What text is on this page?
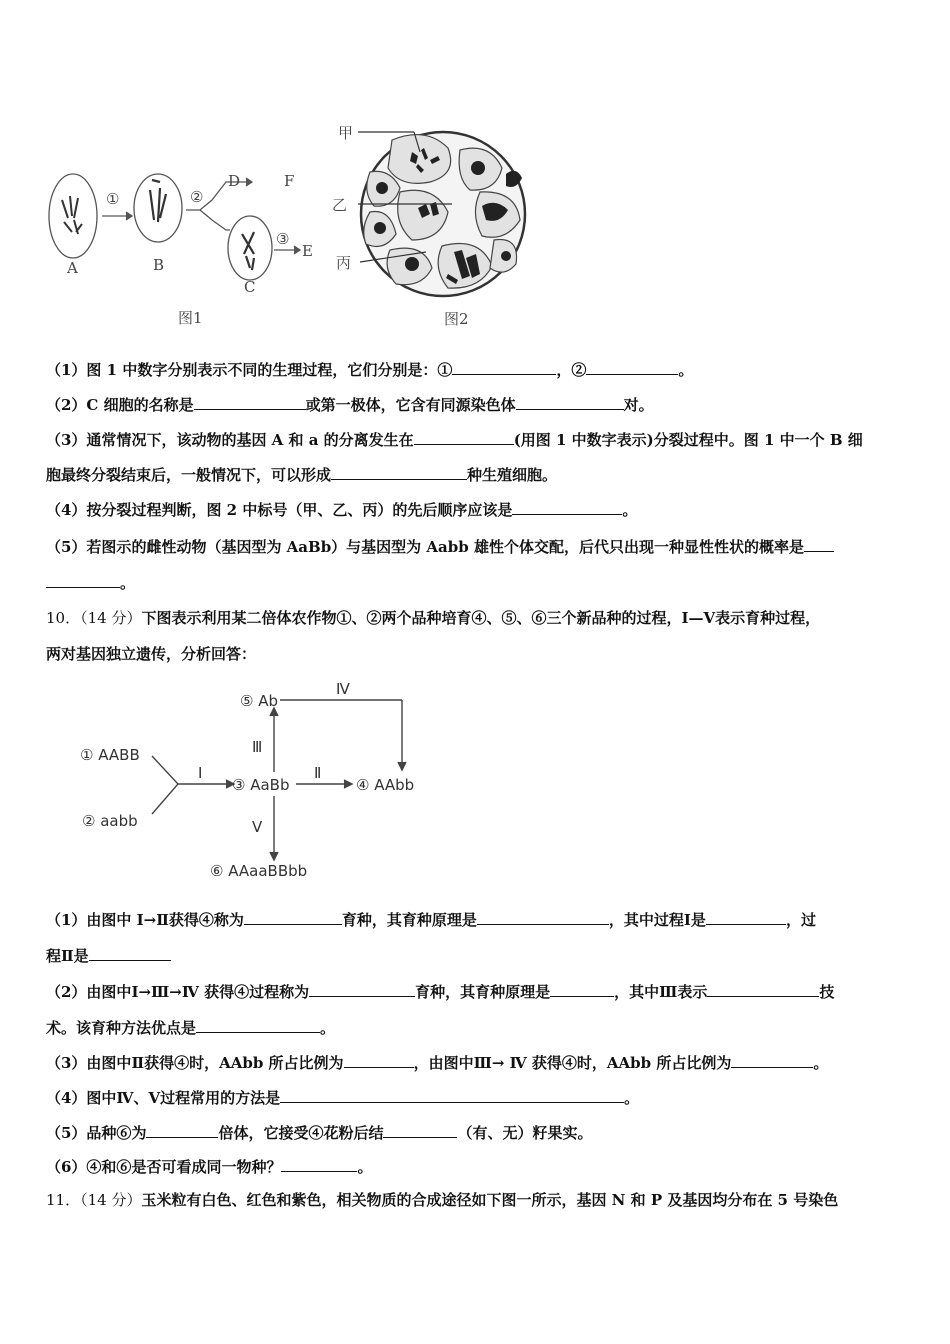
①	②
③
A	B
D	F
C
E
图1
甲
乙
丙
图2
（1）图 1 中数字分别表示不同的生理过程，它们分别是：①	，②	。
（2）C 细胞的名称是	或第一极体，它含有同源染色体	对。
（3）通常情况下，该动物的基因 A 和 a 的分离发生在	(用图 1 中数字表示)分裂过程中。图 1 中一个 B 细
胞最终分裂结束后，一般情况下，可以形成	种生殖细胞。
（4）按分裂过程判断，图 2 中标号（甲、乙、丙）的先后顺序应该是	。
（5）若图示的雌性动物（基因型为 AaBb）与基因型为 Aabb 雄性个体交配，后代只出现一种显性性状的概率是
。
10．（14 分）下图表示利用某二倍体农作物①、②两个品种培育④、⑤、⑥三个新品种的过程，Ⅰ—Ⅴ表示育种过程，
两对基因独立遗传，分析回答：
① AABB
② aabb
③ AaBb	④ AAbb
⑤ Ab
⑥ AAaaBBbb
Ⅰ	Ⅱ
Ⅲ
Ⅳ
Ⅴ
（1）由图中 Ⅰ→Ⅱ获得④称为	育种，其育种原理是	，其中过程Ⅰ是	，过
程Ⅱ是
（2）由图中Ⅰ→Ⅲ→Ⅳ 获得④过程称为	育种，其育种原理是	，其中Ⅲ表示	技
术。该育种方法优点是	。
（3）由图中Ⅱ获得④时，AAbb 所占比例为	，由图中Ⅲ→ Ⅳ 获得④时，AAbb 所占比例为	。
（4）图中Ⅳ、Ⅴ过程常用的方法是	。
（5）品种⑥为	倍体，它接受④花粉后结	（有、无）籽果实。
（6）④和⑥是否可看成同一物种？	。
11．（14 分）玉米粒有白色、红色和紫色，相关物质的合成途径如下图一所示，基因 N 和 P 及基因均分布在 5 号染色
